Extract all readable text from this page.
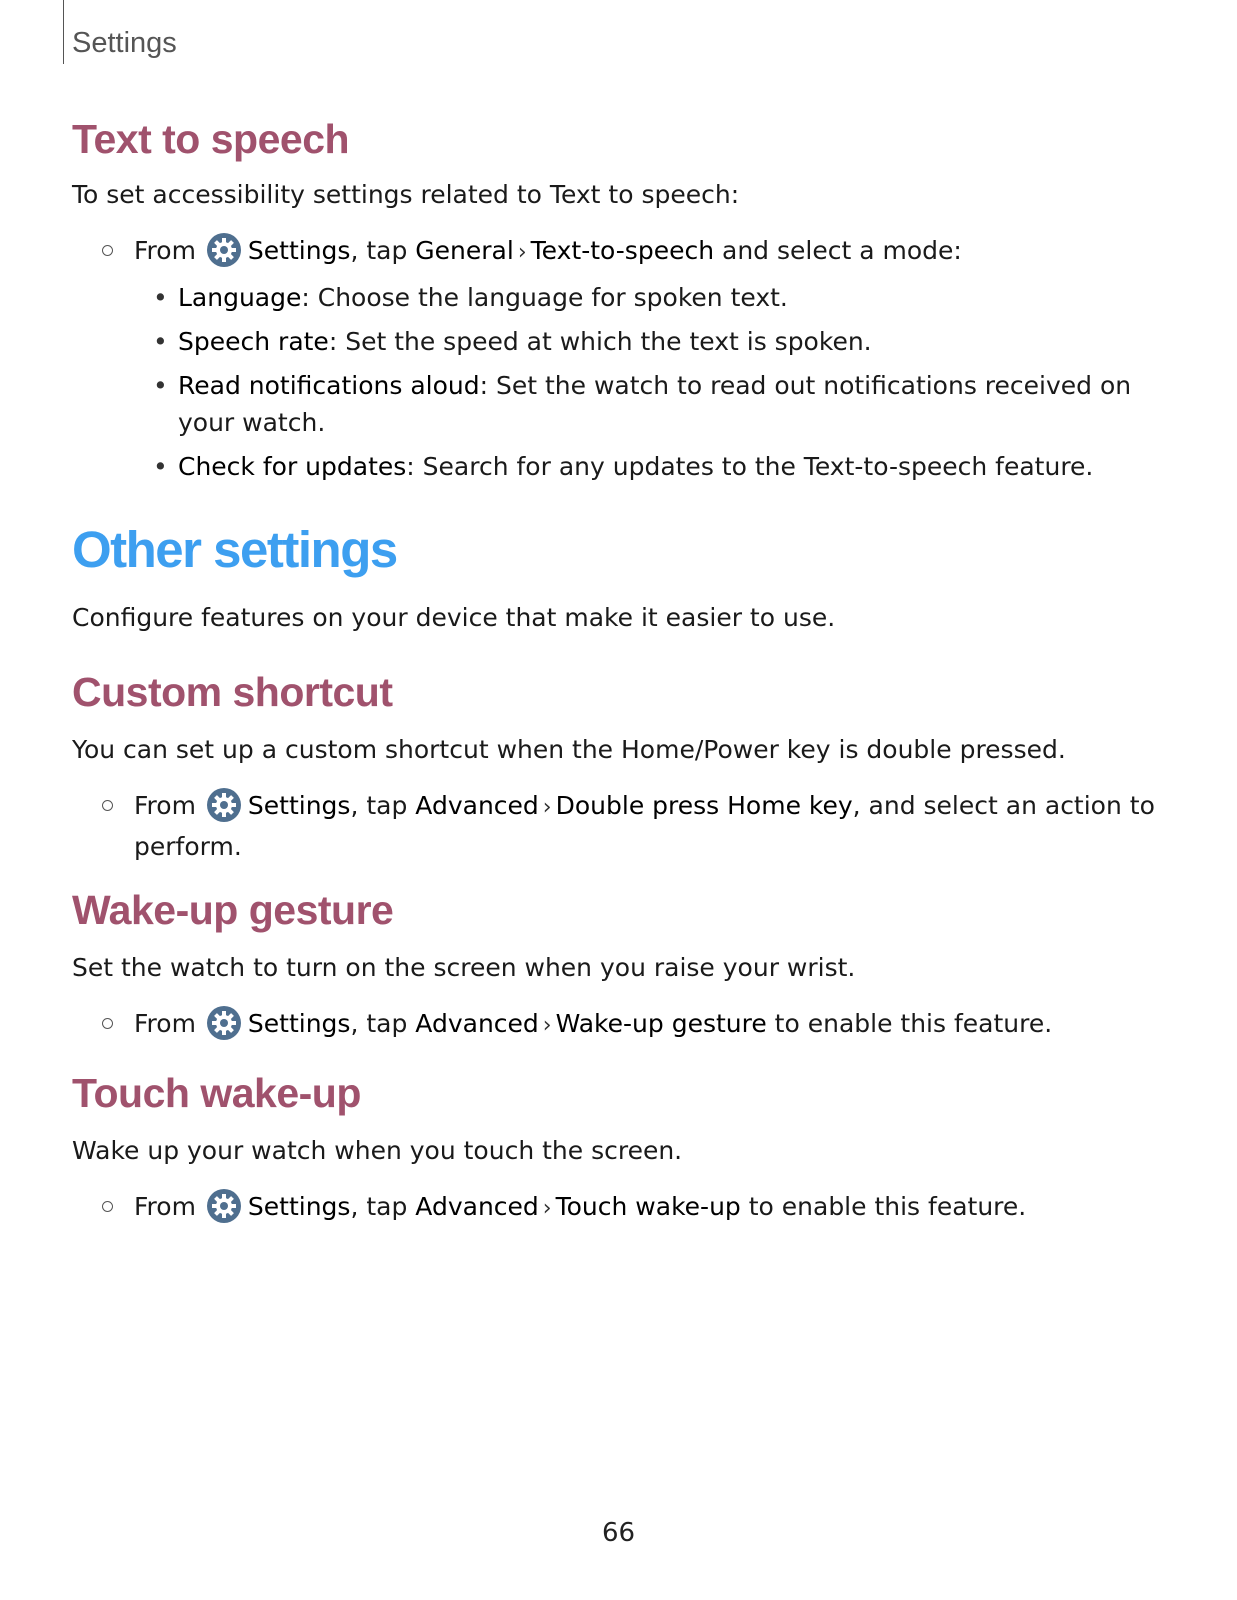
Settings
Text to speech

To set accessibility settings related to Text to speech:

From Settings, tap General › Text-to-speech and select a mode:
• Language: Choose the language for spoken text.
• Speech rate: Set the speed at which the text is spoken.
• Read notifications aloud: Set the watch to read out notifications received on your watch.
• Check for updates: Search for any updates to the Text-to-speech feature.
Other settings

Configure features on your device that make it easier to use.

Custom shortcut

You can set up a custom shortcut when the Home/Power key is double pressed.

From Settings, tap Advanced › Double press Home key, and select an action to perform.
Wake-up gesture

Set the watch to turn on the screen when you raise your wrist.

From Settings, tap Advanced › Wake-up gesture to enable this feature.
Touch wake-up

Wake up your watch when you touch the screen.

From Settings, tap Advanced › Touch wake-up to enable this feature.
66
